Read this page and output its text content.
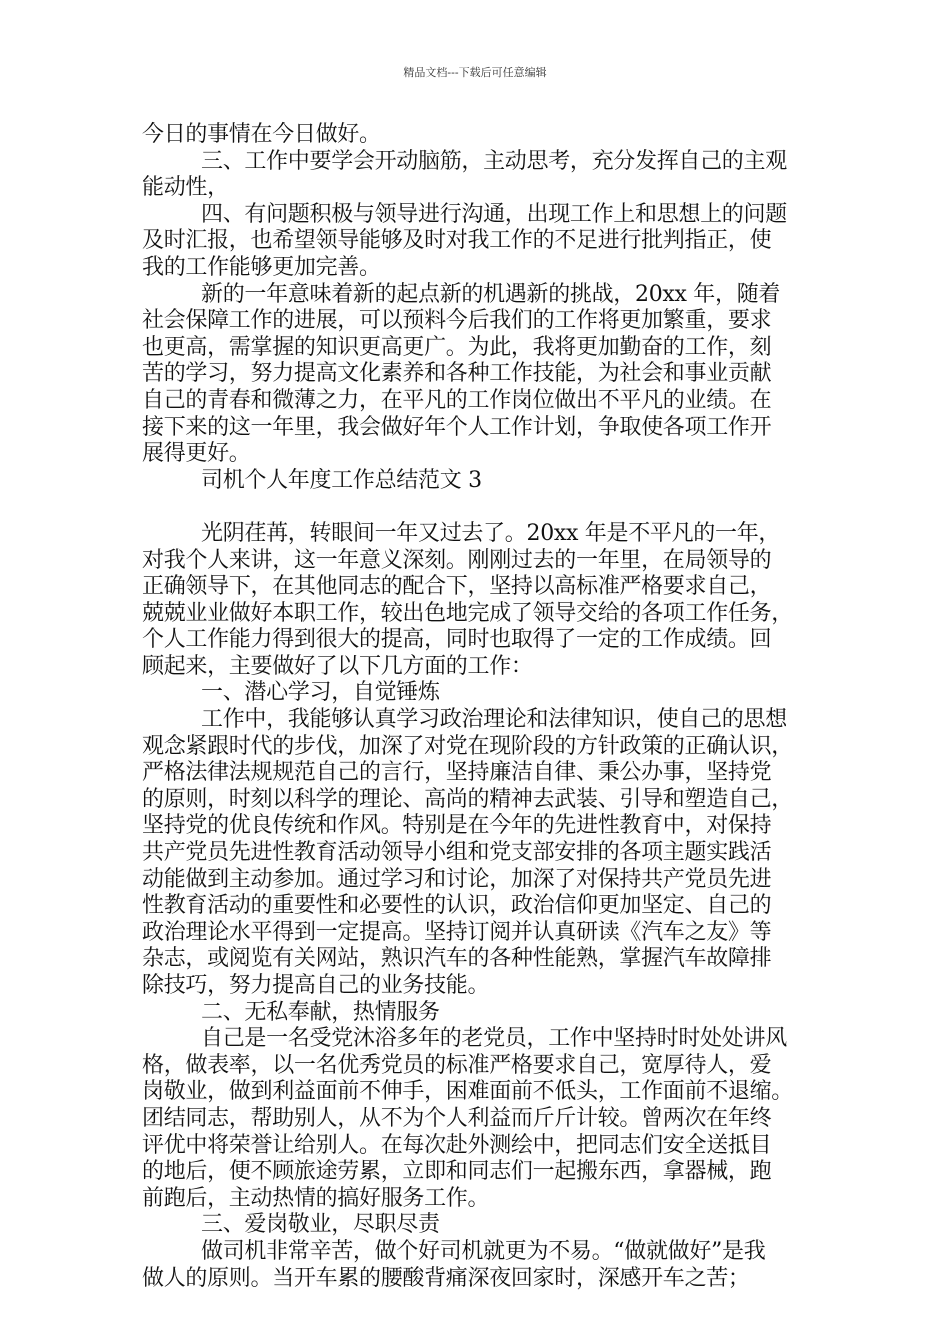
精品文档---下载后可任意编辑
今日的事情在今日做好。
三、工作中要学会开动脑筋，主动思考，充分发挥自己的主观
能动性，
四、有问题积极与领导进行沟通，出现工作上和思想上的问题
及时汇报，也希望领导能够及时对我工作的不足进行批判指正，使
我的工作能够更加完善。
新的一年意味着新的起点新的机遇新的挑战，20xx 年，随着
社会保障工作的进展，可以预料今后我们的工作将更加繁重，要求
也更高，需掌握的知识更高更广。为此，我将更加勤奋的工作，刻
苦的学习，努力提高文化素养和各种工作技能，为社会和事业贡献
自己的青春和微薄之力，在平凡的工作岗位做出不平凡的业绩。在
接下来的这一年里，我会做好年个人工作计划，争取使各项工作开
展得更好。
司机个人年度工作总结范文 3
光阴荏苒，转眼间一年又过去了。20xx 年是不平凡的一年，
对我个人来讲，这一年意义深刻。刚刚过去的一年里，在局领导的
正确领导下，在其他同志的配合下，坚持以高标准严格要求自己，
兢兢业业做好本职工作，较出色地完成了领导交给的各项工作任务，
个人工作能力得到很大的提高，同时也取得了一定的工作成绩。回
顾起来，主要做好了以下几方面的工作：
一、潜心学习，自觉锤炼
工作中，我能够认真学习政治理论和法律知识，使自己的思想
观念紧跟时代的步伐，加深了对党在现阶段的方针政策的正确认识，
严格法律法规规范自己的言行，坚持廉洁自律、秉公办事，坚持党
的原则，时刻以科学的理论、高尚的精神去武装、引导和塑造自己，
坚持党的优良传统和作风。特别是在今年的先进性教育中，对保持
共产党员先进性教育活动领导小组和党支部安排的各项主题实践活
动能做到主动参加。通过学习和讨论，加深了对保持共产党员先进
性教育活动的重要性和必要性的认识，政治信仰更加坚定、自己的
政治理论水平得到一定提高。坚持订阅并认真研读《汽车之友》等
杂志，或阅览有关网站，熟识汽车的各种性能熟，掌握汽车故障排
除技巧，努力提高自己的业务技能。
二、无私奉献，热情服务
自己是一名受党沐浴多年的老党员，工作中坚持时时处处讲风
格，做表率，以一名优秀党员的标准严格要求自己，宽厚待人，爱
岗敬业，做到利益面前不伸手，困难面前不低头，工作面前不退缩。
团结同志，帮助别人，从不为个人利益而斤斤计较。曾两次在年终
评优中将荣誉让给别人。在每次赴外测绘中，把同志们安全送抵目
的地后，便不顾旅途劳累，立即和同志们一起搬东西，拿器械，跑
前跑后，主动热情的搞好服务工作。
三、爱岗敬业，尽职尽责
做司机非常辛苦，做个好司机就更为不易。“做就做好”是我
做人的原则。当开车累的腰酸背痛深夜回家时，深感开车之苦；
